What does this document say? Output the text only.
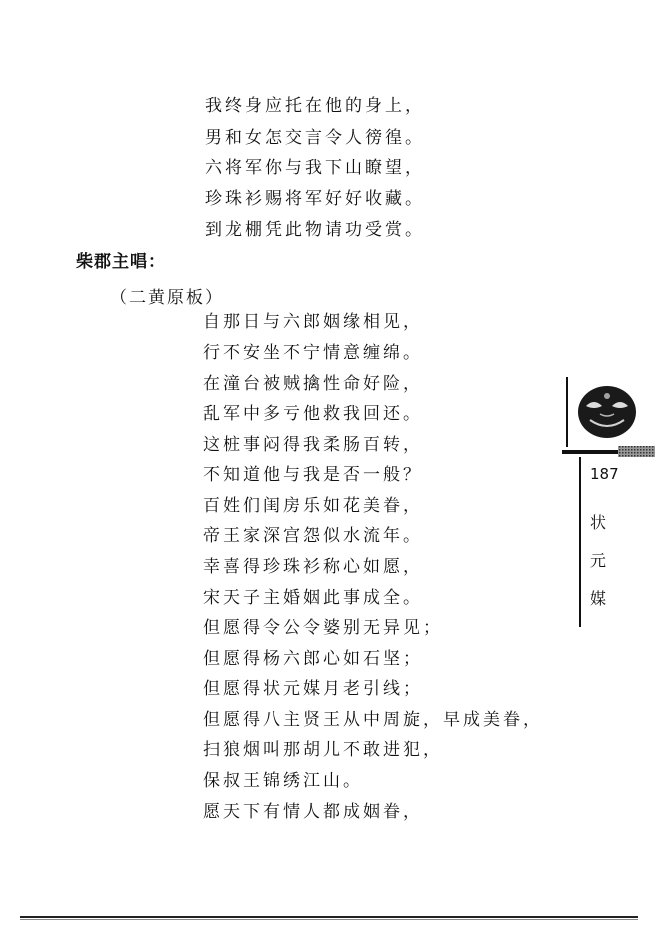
我终身应托在他的身上，
男和女怎交言令人徬徨。
六将军你与我下山瞭望，
珍珠衫赐将军好好收藏。
到龙棚凭此物请功受赏。
柴郡主唱：
（二黄原板）
自那日与六郎姻缘相见，
行不安坐不宁情意缠绵。
在潼台被贼擒性命好险，
乱军中多亏他救我回还。
这桩事闷得我柔肠百转，
不知道他与我是否一般？
百姓们闺房乐如花美眷，
帝王家深宫怨似水流年。
幸喜得珍珠衫称心如愿，
宋天子主婚姻此事成全。
但愿得令公令婆别无异见；
但愿得杨六郎心如石坚；
但愿得状元媒月老引线；
但愿得八主贤王从中周旋，早成美眷，
扫狼烟叫那胡儿不敢进犯，
保叔王锦绣江山。
愿天下有情人都成姻眷，
187
状元媒
